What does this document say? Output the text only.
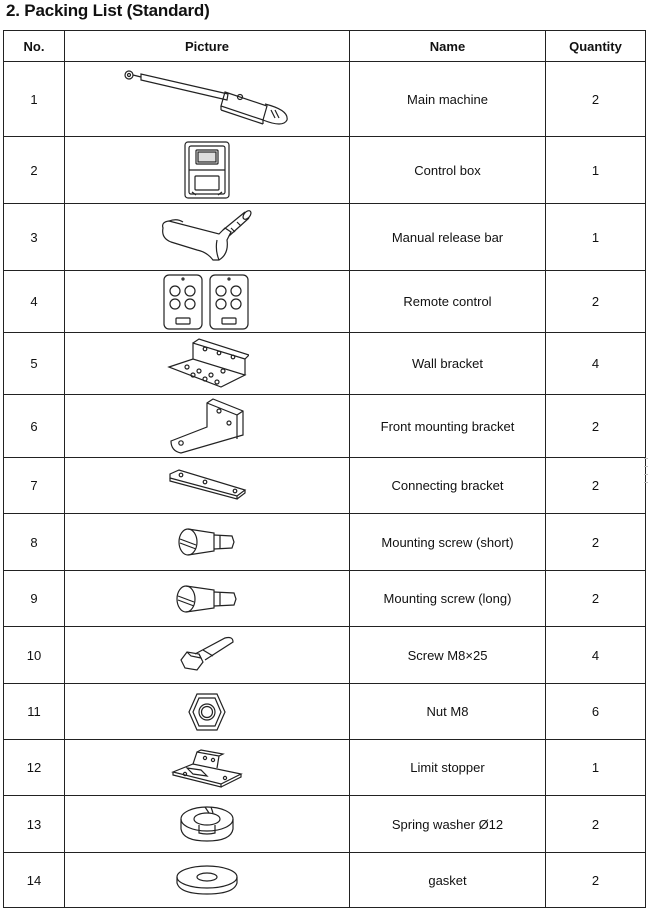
2. Packing List (Standard)
No.	Picture	Name	Quantity
1		Main machine	2
2		Control box	1
3		Manual release bar	1
4		Remote control	2
5		Wall bracket	4
6		Front mounting bracket	2
7		Connecting bracket	2
8		Mounting screw (short)	2
9		Mounting screw (long)	2
10		Screw M8×25	4
11		Nut M8	6
12		Limit stopper	1
13		Spring washer Ø12	2
14		gasket	2
